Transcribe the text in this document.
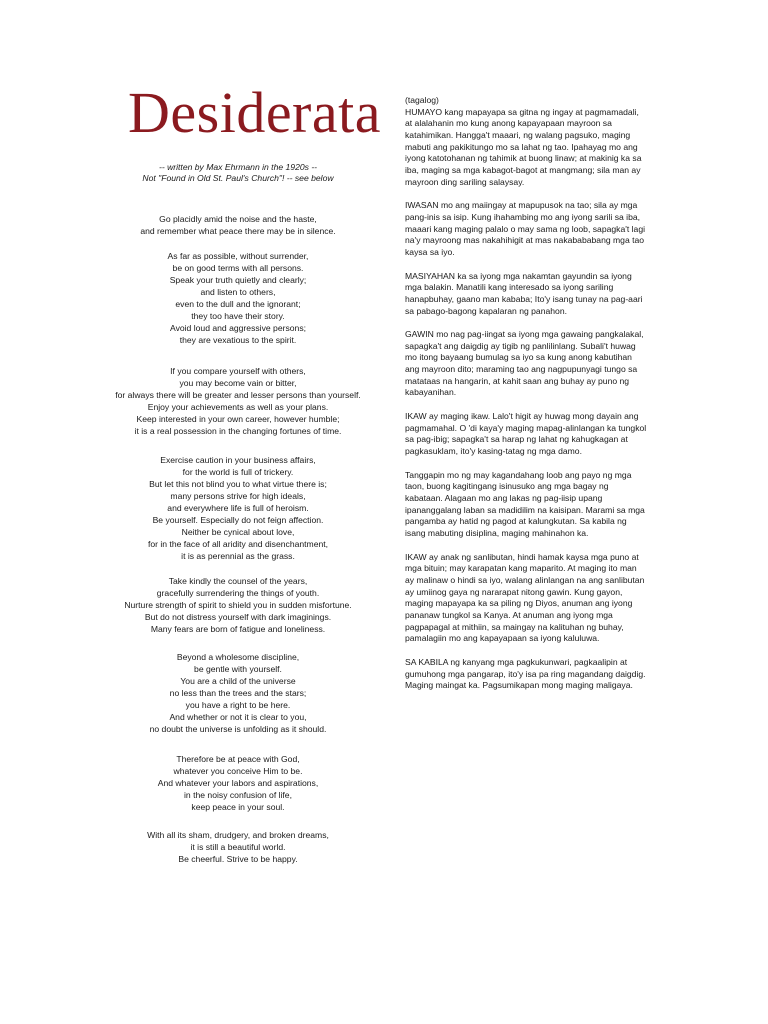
Desiderata
-- written by Max Ehrmann in the 1920s --
Not "Found in Old St. Paul's Church"! -- see below
Go placidly amid the noise and the haste,
and remember what peace there may be in silence.
As far as possible, without surrender,
be on good terms with all persons.
Speak your truth quietly and clearly;
and listen to others,
even to the dull and the ignorant;
they too have their story.
Avoid loud and aggressive persons;
they are vexatious to the spirit.
If you compare yourself with others,
you may become vain or bitter,
for always there will be greater and lesser persons than yourself.
Enjoy your achievements as well as your plans.
Keep interested in your own career, however humble;
it is a real possession in the changing fortunes of time.
Exercise caution in your business affairs,
for the world is full of trickery.
But let this not blind you to what virtue there is;
many persons strive for high ideals,
and everywhere life is full of heroism.
Be yourself. Especially do not feign affection.
Neither be cynical about love,
for in the face of all aridity and disenchantment,
it is as perennial as the grass.
Take kindly the counsel of the years,
gracefully surrendering the things of youth.
Nurture strength of spirit to shield you in sudden misfortune.
But do not distress yourself with dark imaginings.
Many fears are born of fatigue and loneliness.
Beyond a wholesome discipline,
be gentle with yourself.
You are a child of the universe
no less than the trees and the stars;
you have a right to be here.
And whether or not it is clear to you,
no doubt the universe is unfolding as it should.
Therefore be at peace with God,
whatever you conceive Him to be.
And whatever your labors and aspirations,
in the noisy confusion of life,
keep peace in your soul.
With all its sham, drudgery, and broken dreams,
it is still a beautiful world.
Be cheerful. Strive to be happy.
(tagalog)
HUMAYO kang mapayapa sa gitna ng ingay at pagmamadali, at alalahanin mo kung anong kapayapaan mayroon sa katahimikan. Hangga't maaari, ng walang pagsuko, maging mabuti ang pakikitungo mo sa lahat ng tao. Ipahayag mo ang iyong katotohanan ng tahimik at buong linaw; at makinig ka sa iba, maging sa mga kabagot-bagot at mangmang; sila man ay mayroon ding sariling salaysay.
IWASAN mo ang maiingay at mapupusok na tao; sila ay mga pang-inis sa isip. Kung ihahambing mo ang iyong sarili sa iba, maaari kang maging palalo o may sama ng loob, sapagka't lagi na'y mayroong mas nakahihigit at mas nakabababang mga tao kaysa sa iyo.
MASIYAHAN ka sa iyong mga nakamtan gayundin sa iyong mga balakin. Manatili kang interesado sa iyong sariling hanapbuhay, gaano man kababa; Ito'y isang tunay na pag-aari sa pabago-bagong kapalaran ng panahon.
GAWIN mo nag pag-iingat sa iyong mga gawaing pangkalakal, sapagka't ang daigdig ay tigib ng panlilinlang. Subali't huwag mo itong bayaang bumulag sa iyo sa kung anong kabutihan ang mayroon dito; maraming tao ang nagpupunyagi tungo sa matataas na hangarin, at kahit saan ang buhay ay puno ng kabayanihan.
IKAW ay maging ikaw. Lalo't higit ay huwag mong dayain ang pagmamahal. O 'di kaya'y maging mapag-alinlangan ka tungkol sa pag-ibig; sapagka't sa harap ng lahat ng kahugkagan at pagkasuklam, ito'y kasing-tatag ng mga damo.
Tanggapin mo ng may kagandahang loob ang payo ng mga taon, buong kagitingang isinusuko ang mga bagay ng kabataan. Alagaan mo ang lakas ng pag-iisip upang ipananggalang laban sa madidilim na kaisipan. Marami sa mga pangamba ay hatid ng pagod at kalungkutan. Sa kabila ng isang mabuting disiplina, maging mahinahon ka.
IKAW ay anak ng sanlibutan, hindi hamak kaysa mga puno at mga bituin; may karapatan kang maparito. At maging ito man ay malinaw o hindi sa iyo, walang alinlangan na ang sanlibutan ay umiinog gaya ng nararapat nitong gawin. Kung gayon, maging mapayapa ka sa piling ng Diyos, anuman ang iyong pananaw tungkol sa Kanya. At anuman ang iyong mga pagpapagal at mithiin, sa maingay na kalituhan ng buhay, pamalagiin mo ang kapayapaan sa iyong kaluluwa.
SA KABILA ng kanyang mga pagkukunwari, pagkaalipin at gumuhong mga pangarap, ito'y isa pa ring magandang daigdig. Maging maingat ka. Pagsumikapan mong maging maligaya.
